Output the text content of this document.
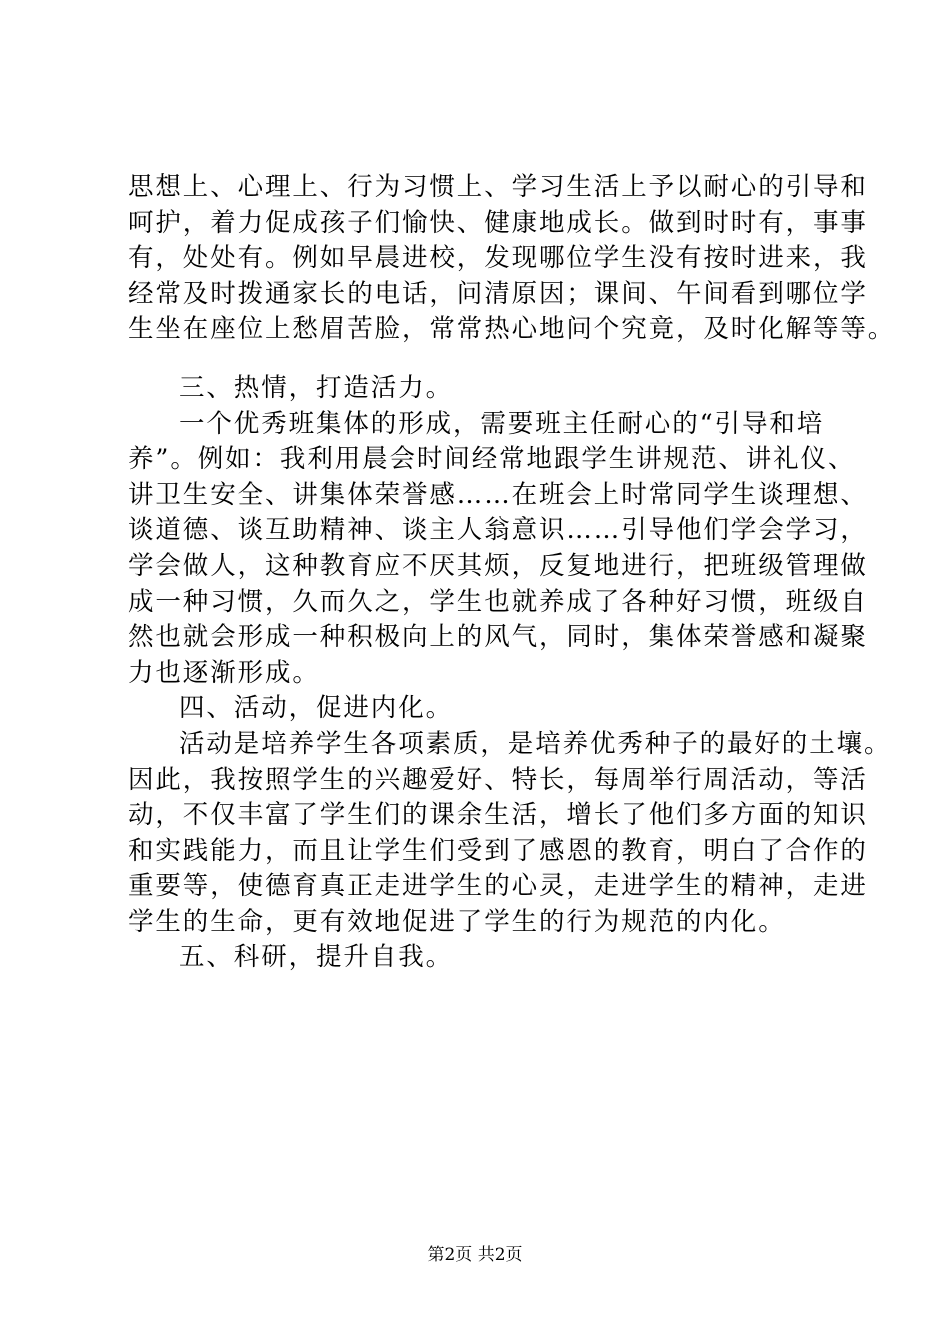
思想上、心理上、行为习惯上、学习生活上予以耐心的引导和
呵护，着力促成孩子们愉快、健康地成长。做到时时有，事事
有，处处有。例如早晨进校，发现哪位学生没有按时进来，我
经常及时拨通家长的电话，问清原因；课间、午间看到哪位学
生坐在座位上愁眉苦脸，常常热心地问个究竟，及时化解等等。
三、热情，打造活力。
一个优秀班集体的形成，需要班主任耐心的“引导和培
养”。例如：我利用晨会时间经常地跟学生讲规范、讲礼仪、
讲卫生安全、讲集体荣誉感……在班会上时常同学生谈理想、
谈道德、谈互助精神、谈主人翁意识……引导他们学会学习，
学会做人，这种教育应不厌其烦，反复地进行，把班级管理做
成一种习惯，久而久之，学生也就养成了各种好习惯，班级自
然也就会形成一种积极向上的风气，同时，集体荣誉感和凝聚
力也逐渐形成。
四、活动，促进内化。
活动是培养学生各项素质，是培养优秀种子的最好的土壤。
因此，我按照学生的兴趣爱好、特长，每周举行周活动，等活
动，不仅丰富了学生们的课余生活，增长了他们多方面的知识
和实践能力，而且让学生们受到了感恩的教育，明白了合作的
重要等，使德育真正走进学生的心灵，走进学生的精神，走进
学生的生命，更有效地促进了学生的行为规范的内化。
五、科研，提升自我。
第2页 共2页
